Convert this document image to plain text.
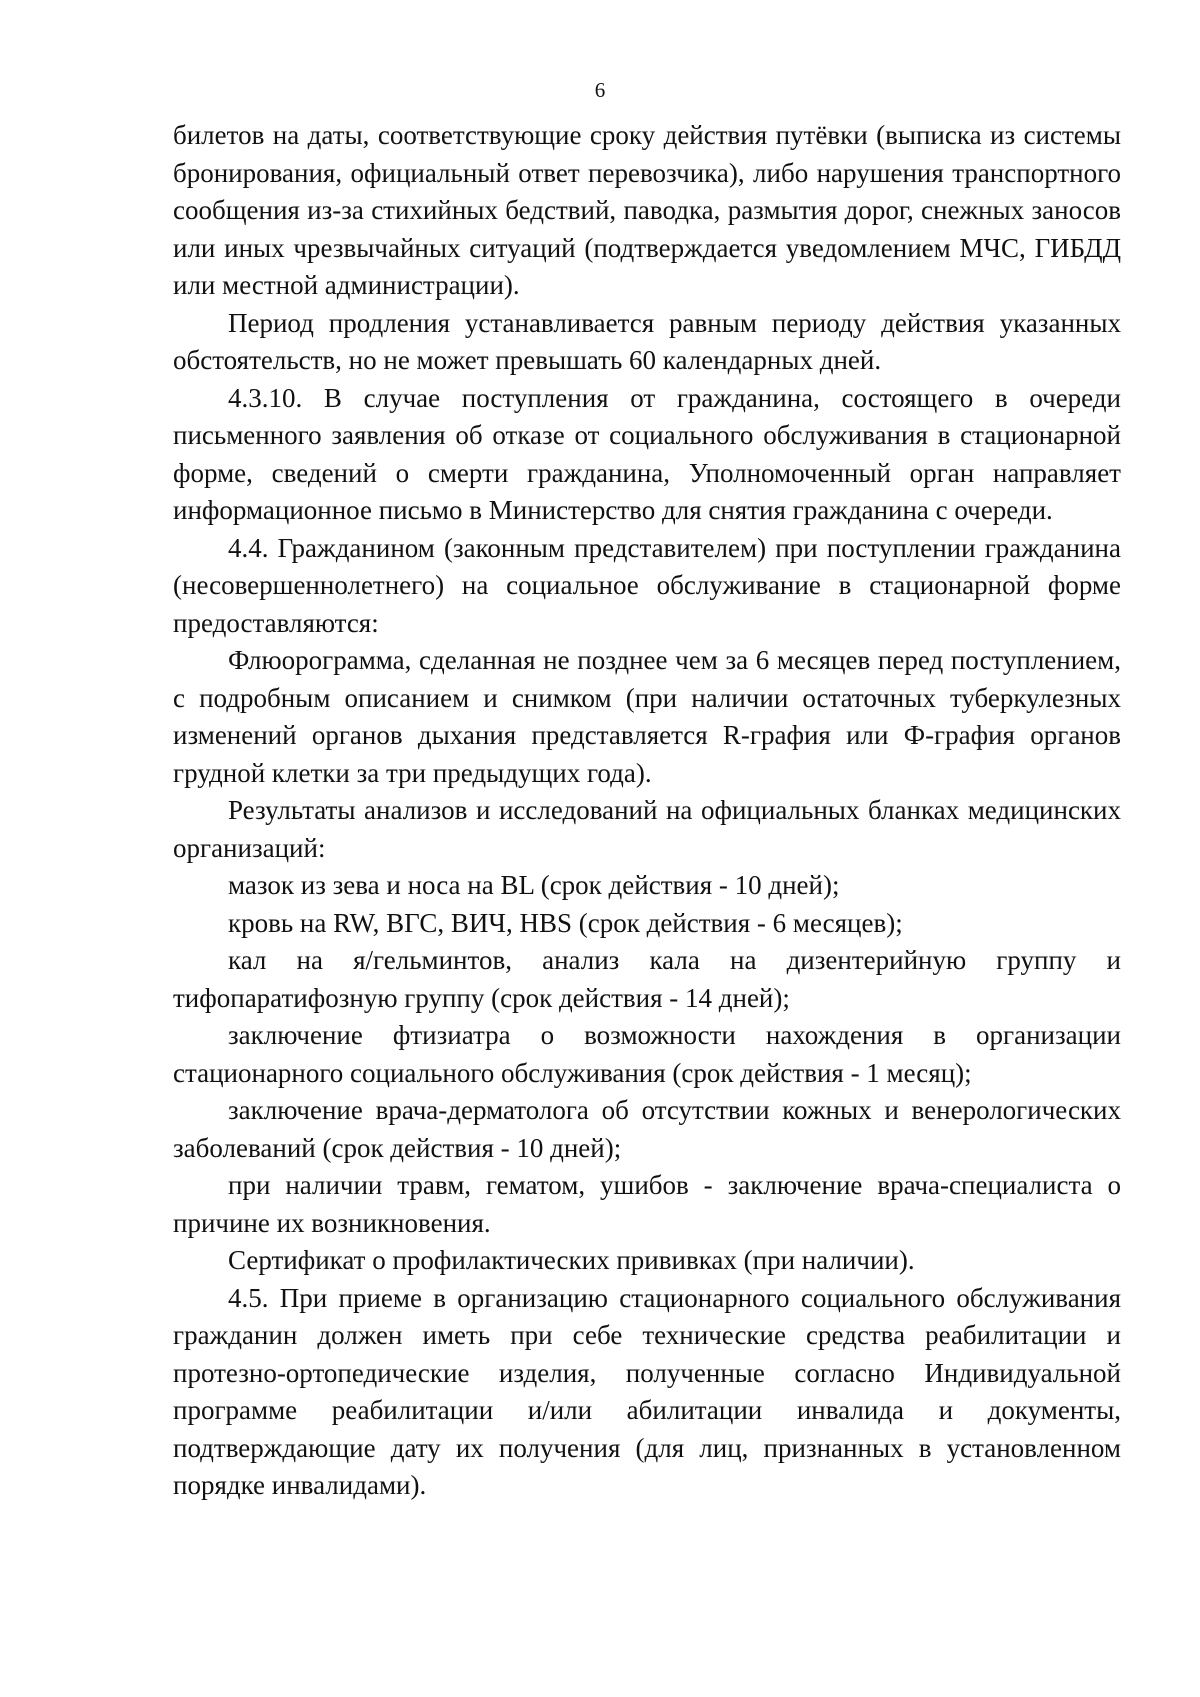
6

билетов на даты, соответствующие сроку действия путёвки (выписка из системы бронирования, официальный ответ перевозчика), либо нарушения транспортного сообщения из-за стихийных бедствий, паводка, размытия дорог, снежных заносов или иных чрезвычайных ситуаций (подтверждается уведомлением МЧС, ГИБДД или местной администрации).

Период продления устанавливается равным периоду действия указанных обстоятельств, но не может превышать 60 календарных дней.

4.3.10. В случае поступления от гражданина, состоящего в очереди письменного заявления об отказе от социального обслуживания в стационарной форме, сведений о смерти гражданина, Уполномоченный орган направляет информационное письмо в Министерство для снятия гражданина с очереди.

4.4. Гражданином (законным представителем) при поступлении гражданина (несовершеннолетнего) на социальное обслуживание в стационарной форме предоставляются:

Флюорограмма, сделанная не позднее чем за 6 месяцев перед поступлением, с подробным описанием и снимком (при наличии остаточных туберкулезных изменений органов дыхания представляется R-графия или Ф-графия органов грудной клетки за три предыдущих года).

Результаты анализов и исследований на официальных бланках медицинских организаций:

мазок из зева и носа на BL (срок действия - 10 дней);

кровь на RW, ВГС, ВИЧ, HBS (срок действия - 6 месяцев);

кал на я/гельминтов, анализ кала на дизентерийную группу и тифопаратифозную группу (срок действия - 14 дней);

заключение фтизиатра о возможности нахождения в организации стационарного социального обслуживания (срок действия - 1 месяц);

заключение врача-дерматолога об отсутствии кожных и венерологических заболеваний (срок действия - 10 дней);

при наличии травм, гематом, ушибов - заключение врача-специалиста о причине их возникновения.

Сертификат о профилактических прививках (при наличии).

4.5. При приеме в организацию стационарного социального обслуживания гражданин должен иметь при себе технические средства реабилитации и протезно-ортопедические изделия, полученные согласно Индивидуальной программе реабилитации и/или абилитации инвалида и документы, подтверждающие дату их получения (для лиц, признанных в установленном порядке инвалидами).
